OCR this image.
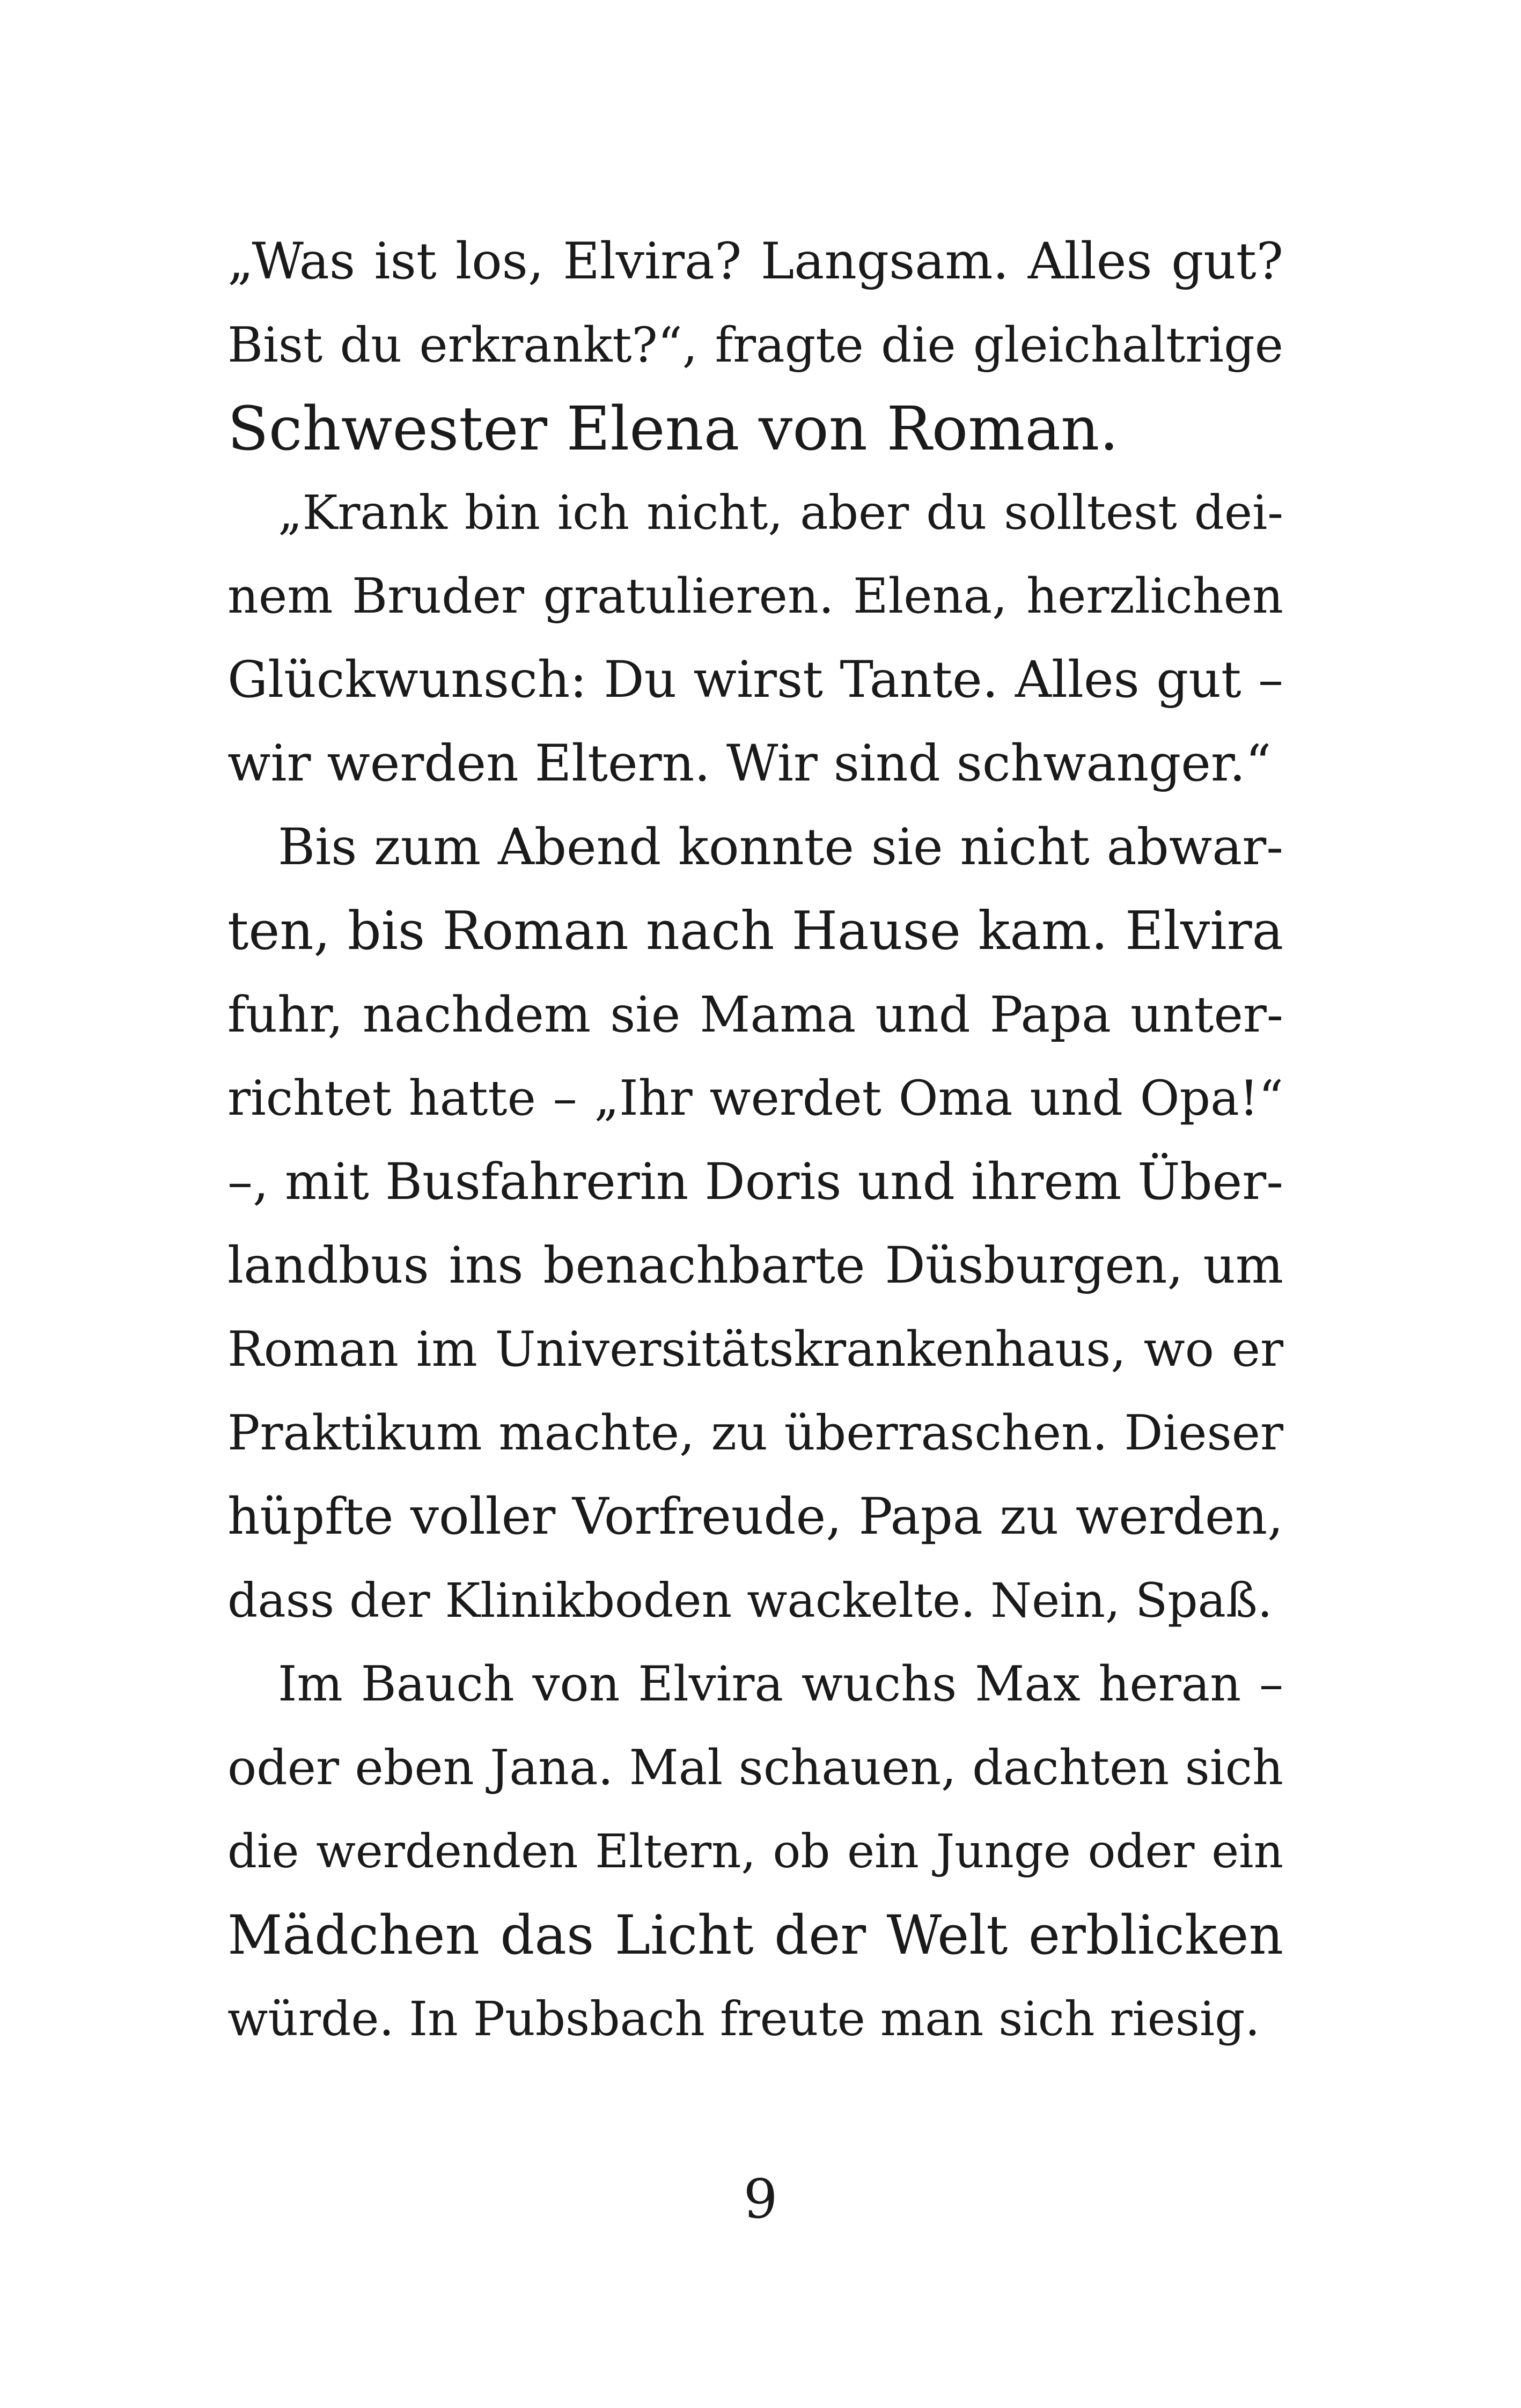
„Was ist los, Elvira? Langsam. Alles gut?
Bist du erkrankt?“, fragte die gleichaltrige
Schwester Elena von Roman.
„Krank bin ich nicht, aber du solltest dei-
nem Bruder gratulieren. Elena, herzlichen
Glückwunsch: Du wirst Tante. Alles gut –
wir werden Eltern. Wir sind schwanger.“
Bis zum Abend konnte sie nicht abwar-
ten, bis Roman nach Hause kam. Elvira
fuhr, nachdem sie Mama und Papa unter-
richtet hatte – „Ihr werdet Oma und Opa!“
–, mit Busfahrerin Doris und ihrem Über-
landbus ins benachbarte Düsburgen, um
Roman im Universitätskrankenhaus, wo er
Praktikum machte, zu überraschen. Dieser
hüpfte voller Vorfreude, Papa zu werden,
dass der Klinikboden wackelte. Nein, Spaß.
Im Bauch von Elvira wuchs Max heran –
oder eben Jana. Mal schauen, dachten sich
die werdenden Eltern, ob ein Junge oder ein
Mädchen das Licht der Welt erblicken
würde. In Pubsbach freute man sich riesig.
9
